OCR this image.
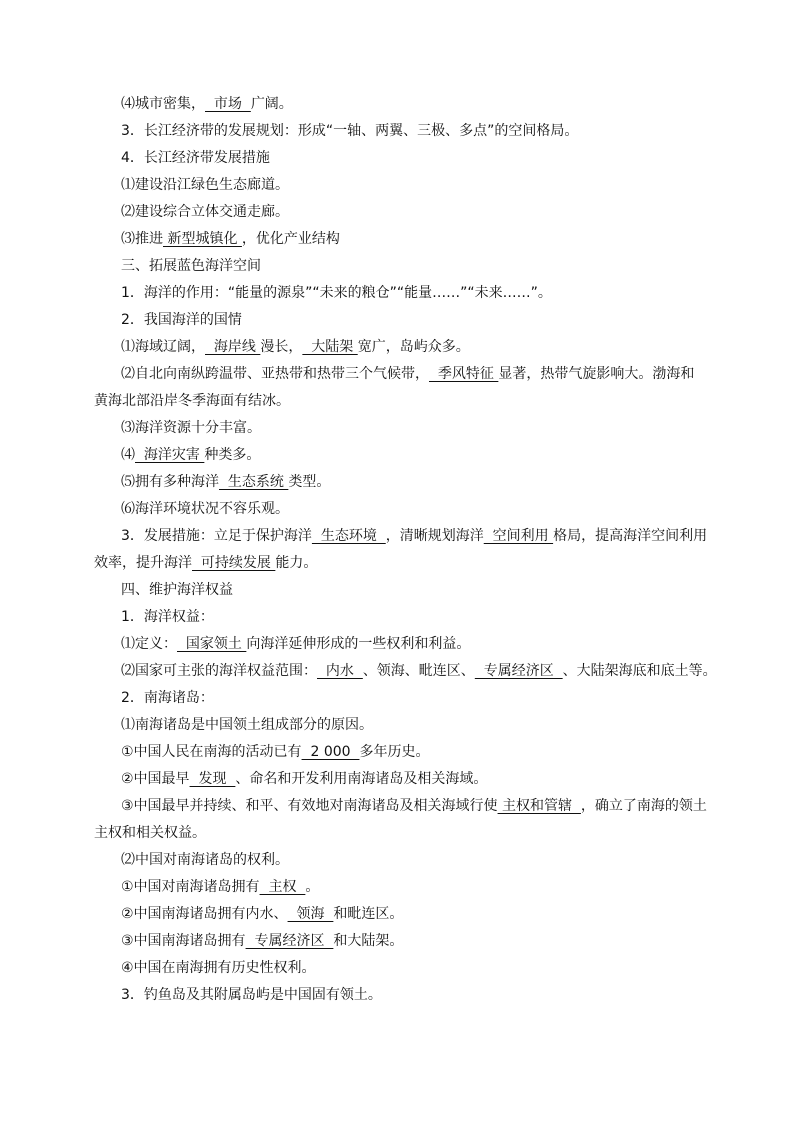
⑷城市密集，  市场  广阔。
3．长江经济带的发展规划：形成“一轴、两翼、三极、多点”的空间格局。
4．长江经济带发展措施
⑴建设沿江绿色生态廊道。
⑵建设综合立体交通走廊。
⑶推进 新型城镇化 ，优化产业结构
三、拓展蓝色海洋空间
1．海洋的作用：“能量的源泉”“未来的粮仓”“能量……”“未来……”。
2．我国海洋的国情
⑴海域辽阔，  海岸线 漫长，  大陆架 宽广，岛屿众多。
⑵自北向南纵跨温带、亚热带和热带三个气候带，  季风特征 显著，热带气旋影响大。渤海和
黄海北部沿岸冬季海面有结冰。
⑶海洋资源十分丰富。
⑷  海洋灾害 种类多。
⑸拥有多种海洋  生态系统 类型。
⑹海洋环境状况不容乐观。
3．发展措施：立足于保护海洋  生态环境  ，清晰规划海洋  空间利用 格局，提高海洋空间利用
效率，提升海洋  可持续发展 能力。
四、维护海洋权益
1．海洋权益：
⑴定义：  国家领土 向海洋延伸形成的一些权利和利益。
⑵国家可主张的海洋权益范围：  内水  、领海、毗连区、  专属经济区  、大陆架海底和底土等。
2．南海诸岛：
⑴南海诸岛是中国领土组成部分的原因。
①中国人民在南海的活动已有  2 000  多年历史。
②中国最早  发现  、命名和开发利用南海诸岛及相关海域。
③中国最早并持续、和平、有效地对南海诸岛及相关海域行使 主权和管辖  ，确立了南海的领土
主权和相关权益。
⑵中国对南海诸岛的权利。
①中国对南海诸岛拥有  主权  。
②中国南海诸岛拥有内水、  领海  和毗连区。
③中国南海诸岛拥有  专属经济区  和大陆架。
④中国在南海拥有历史性权利。
3．钓鱼岛及其附属岛屿是中国固有领土。
